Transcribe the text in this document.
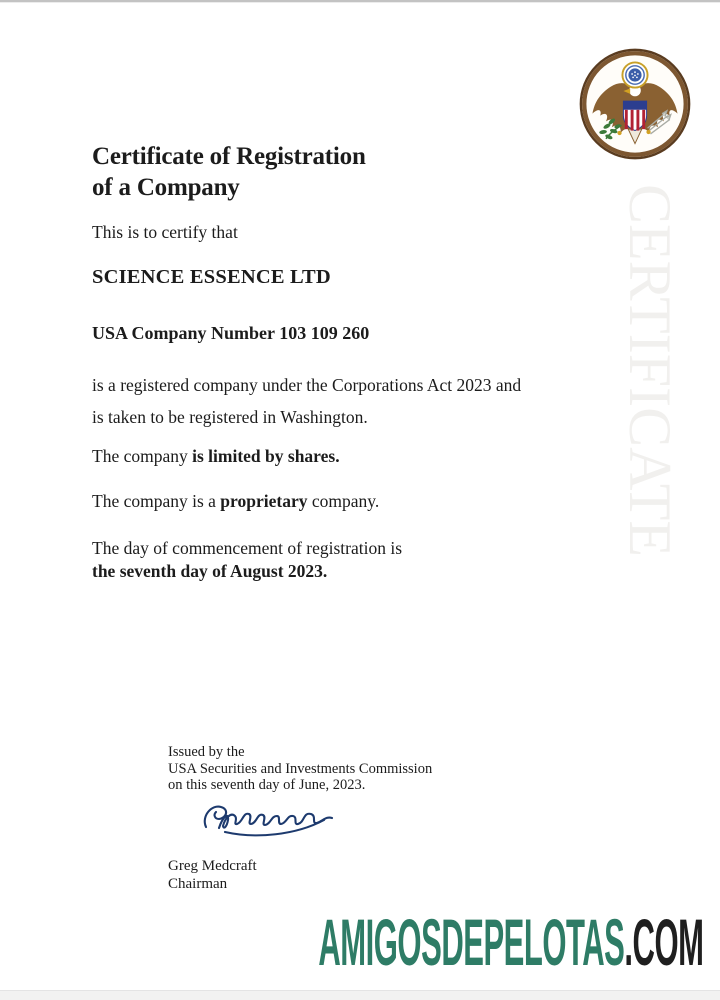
CERTIFICATE
Certificate of Registration
of a Company
This is to certify that
SCIENCE ESSENCE LTD
USA Company Number 103 109 260
is a registered company under the Corporations Act 2023 and
is taken to be registered in Washington.
The company is limited by shares.
The company is a proprietary company.
The day of commencement of registration is
the seventh day of August 2023.
Issued by the
USA Securities and Investments Commission
on this seventh day of June, 2023.
Greg Medcraft
Chairman
AMIGOSDEPELOTAS.COM
